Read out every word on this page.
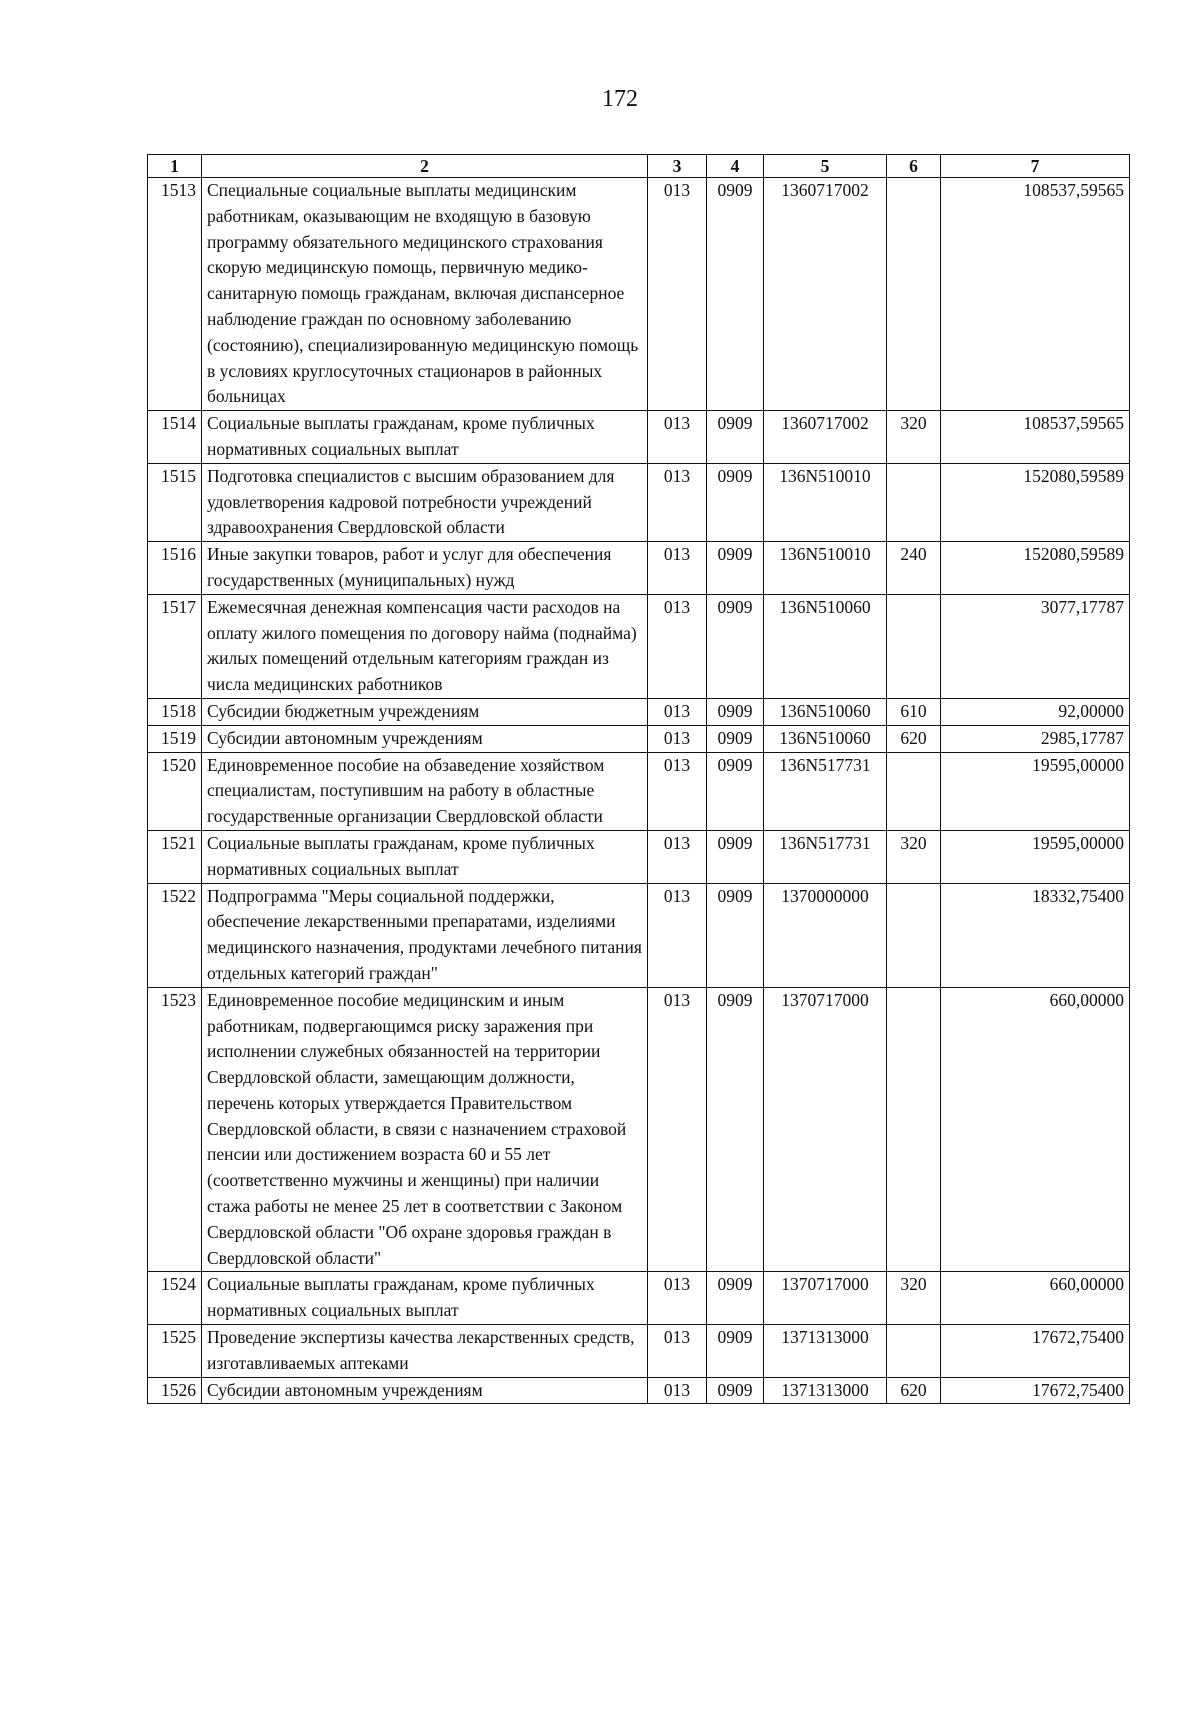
172
1	2	3	4	5	6	7
1513	Специальные социальные выплаты медицинским работникам, оказывающим не входящую в базовую программу обязательного медицинского страхования скорую медицинскую помощь, первичную медико-санитарную помощь гражданам, включая диспансерное наблюдение граждан по основному заболеванию (состоянию), специализированную медицинскую помощь в условиях круглосуточных стационаров в районных больницах	013	0909	1360717002		108537,59565
1514	Социальные выплаты гражданам, кроме публичных нормативных социальных выплат	013	0909	1360717002	320	108537,59565
1515	Подготовка специалистов с высшим образованием для удовлетворения кадровой потребности учреждений здравоохранения Свердловской области	013	0909	136N510010		152080,59589
1516	Иные закупки товаров, работ и услуг для обеспечения государственных (муниципальных) нужд	013	0909	136N510010	240	152080,59589
1517	Ежемесячная денежная компенсация части расходов на оплату жилого помещения по договору найма (поднайма) жилых помещений отдельным категориям граждан из числа медицинских работников	013	0909	136N510060		3077,17787
1518	Субсидии бюджетным учреждениям	013	0909	136N510060	610	92,00000
1519	Субсидии автономным учреждениям	013	0909	136N510060	620	2985,17787
1520	Единовременное пособие на обзаведение хозяйством специалистам, поступившим на работу в областные государственные организации Свердловской области	013	0909	136N517731		19595,00000
1521	Социальные выплаты гражданам, кроме публичных нормативных социальных выплат	013	0909	136N517731	320	19595,00000
1522	Подпрограмма "Меры социальной поддержки, обеспечение лекарственными препаратами, изделиями медицинского назначения, продуктами лечебного питания отдельных категорий граждан"	013	0909	1370000000		18332,75400
1523	Единовременное пособие медицинским и иным работникам, подвергающимся риску заражения при исполнении служебных обязанностей на территории Свердловской области, замещающим должности, перечень которых утверждается Правительством Свердловской области, в связи с назначением страховой пенсии или достижением возраста 60 и 55 лет (соответственно мужчины и женщины) при наличии стажа работы не менее 25 лет в соответствии с Законом Свердловской области "Об охране здоровья граждан в Свердловской области"	013	0909	1370717000		660,00000
1524	Социальные выплаты гражданам, кроме публичных нормативных социальных выплат	013	0909	1370717000	320	660,00000
1525	Проведение экспертизы качества лекарственных средств, изготавливаемых аптеками	013	0909	1371313000		17672,75400
1526	Субсидии автономным учреждениям	013	0909	1371313000	620	17672,75400
